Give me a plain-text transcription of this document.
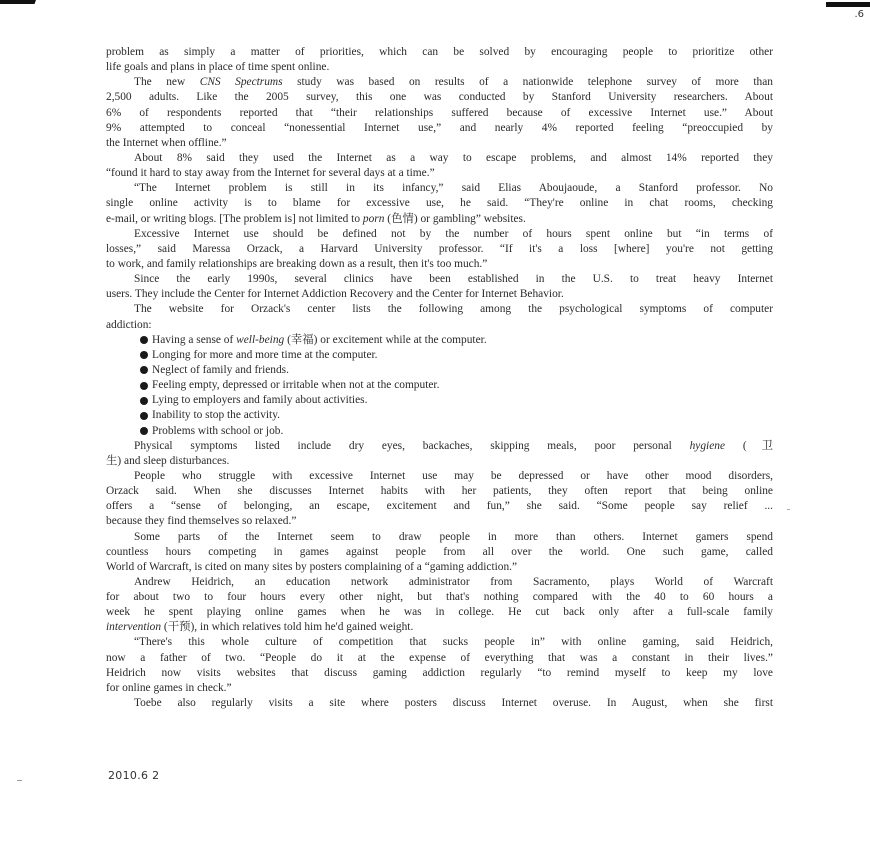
.6
problem as simply a matter of priorities, which can be solved by encouraging people to prioritize other
life goals and plans in place of time spent online.
The new CNS Spectrums study was based on results of a nationwide telephone survey of more than
2,500 adults. Like the 2005 survey, this one was conducted by Stanford University researchers. About
6% of respondents reported that “their relationships suffered because of excessive Internet use.” About
9% attempted to conceal “nonessential Internet use,” and nearly 4% reported feeling “preoccupied by
the Internet when offline.”
About 8% said they used the Internet as a way to escape problems, and almost 14% reported they
“found it hard to stay away from the Internet for several days at a time.”
“The Internet problem is still in its infancy,” said Elias Aboujaoude, a Stanford professor. No
single online activity is to blame for excessive use, he said. “They're online in chat rooms, checking
e-mail, or writing blogs. [The problem is] not limited to porn (色情) or gambling” websites.
Excessive Internet use should be defined not by the number of hours spent online but “in terms of
losses,” said Maressa Orzack, a Harvard University professor. “If it's a loss [where] you're not getting
to work, and family relationships are breaking down as a result, then it's too much.”
Since the early 1990s, several clinics have been established in the U.S. to treat heavy Internet
users. They include the Center for Internet Addiction Recovery and the Center for Internet Behavior.
The website for Orzack's center lists the following among the psychological symptoms of computer
addiction:
Having a sense of well-being (幸福) or excitement while at the computer.
Longing for more and more time at the computer.
Neglect of family and friends.
Feeling empty, depressed or irritable when not at the computer.
Lying to employers and family about activities.
Inability to stop the activity.
Problems with school or job.
Physical symptoms listed include dry eyes, backaches, skipping meals, poor personal hygiene (卫
生) and sleep disturbances.
People who struggle with excessive Internet use may be depressed or have other mood disorders,
Orzack said. When she discusses Internet habits with her patients, they often report that being online
offers a “sense of belonging, an escape, excitement and fun,” she said. “Some people say relief ...
because they find themselves so relaxed.”
Some parts of the Internet seem to draw people in more than others. Internet gamers spend
countless hours competing in games against people from all over the world. One such game, called
World of Warcraft, is cited on many sites by posters complaining of a “gaming addiction.”
Andrew Heidrich, an education network administrator from Sacramento, plays World of Warcraft
for about two to four hours every other night, but that's nothing compared with the 40 to 60 hours a
week he spent playing online games when he was in college. He cut back only after a full-scale family
intervention (干预), in which relatives told him he'd gained weight.
“There's this whole culture of competition that sucks people in” with online gaming, said Heidrich,
now a father of two. “People do it at the expense of everything that was a constant in their lives.”
Heidrich now visits websites that discuss gaming addiction regularly “to remind myself to keep my love
for online games in check.”
Toebe also regularly visits a site where posters discuss Internet overuse. In August, when she first
2010.6 2
